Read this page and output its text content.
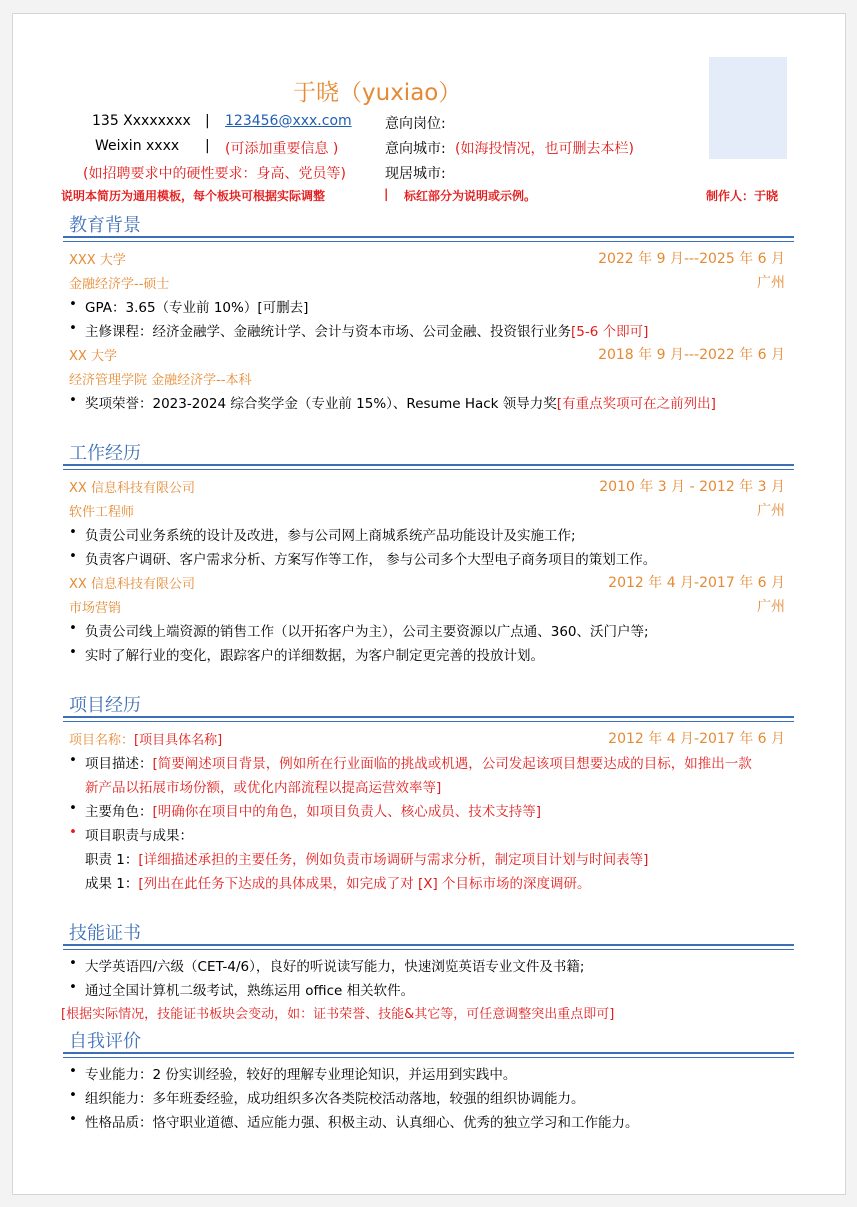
于晓（yuxiao）
135 Xxxxxxxx | 123456@xxx.com 意向岗位:
Weixin xxxx | (可添加重要信息 )	意向城市: (如海投情况，也可删去本栏)
(如招聘要求中的硬性要求：身高、党员等)	现居城市:
说明本简历为通用模板，每个板块可根据实际调整	| 标红部分为说明或示例。	制作人：于晓
教育背景
XXX 大学	2022 年 9 月---2025 年 6 月
金融经济学--硕士	广州
• GPA：3.65（专业前 10%）[可删去]
• 主修课程：经济金融学、金融统计学、会计与资本市场、公司金融、投资银行业务[5-6 个即可]
XX 大学	2018 年 9 月---2022 年 6 月
经济管理学院 金融经济学--本科
• 奖项荣誉：2023-2024 综合奖学金（专业前 15%）、Resume Hack 领导力奖[有重点奖项可在之前列出]
工作经历
XX 信息科技有限公司	2010 年 3 月 - 2012 年 3 月
软件工程师	广州
• 负责公司业务系统的设计及改进，参与公司网上商城系统产品功能设计及实施工作;
• 负责客户调研、客户需求分析、方案写作等工作， 参与公司多个大型电子商务项目的策划工作。
XX 信息科技有限公司	2012 年 4 月-2017 年 6 月
市场营销	广州
• 负责公司线上端资源的销售工作（以开拓客户为主），公司主要资源以广点通、360、沃门户等;
• 实时了解行业的变化，跟踪客户的详细数据，为客户制定更完善的投放计划。
项目经历
项目名称：[项目具体名称]	2012 年 4 月-2017 年 6 月
• 项目描述：[简要阐述项目背景，例如所在行业面临的挑战或机遇，公司发起该项目想要达成的目标，如推出一款
新产品以拓展市场份额，或优化内部流程以提高运营效率等]
• 主要角色：[明确你在项目中的角色，如项目负责人、核心成员、技术支持等]
• 项目职责与成果：
职责 1：[详细描述承担的主要任务，例如负责市场调研与需求分析，制定项目计划与时间表等]
成果 1：[列出在此任务下达成的具体成果，如完成了对 [X] 个目标市场的深度调研。
技能证书
• 大学英语四/六级（CET-4/6），良好的听说读写能力，快速浏览英语专业文件及书籍;
• 通过全国计算机二级考试，熟练运用 office 相关软件。
[根据实际情况，技能证书板块会变动，如：证书荣誉、技能&其它等，可任意调整突出重点即可]
自我评价
• 专业能力：2 份实训经验，较好的理解专业理论知识，并运用到实践中。
• 组织能力：多年班委经验，成功组织多次各类院校活动落地，较强的组织协调能力。
• 性格品质：恪守职业道德、适应能力强、积极主动、认真细心、优秀的独立学习和工作能力。
